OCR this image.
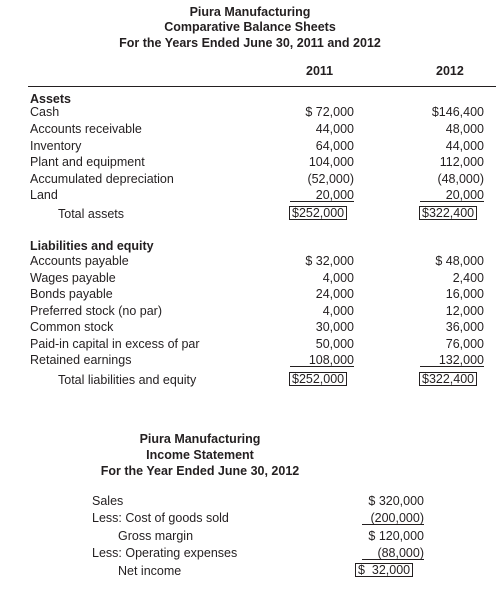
Piura Manufacturing
Comparative Balance Sheets
For the Years Ended June 30, 2011 and 2012
2011	2012
Assets
Cash	$ 72,000	$146,400
Accounts receivable	44,000	48,000
Inventory	64,000	44,000
Plant and equipment	104,000	112,000
Accumulated depreciation	(52,000)	(48,000)
Land	20,000	20,000
Total assets	$252,000	$322,400
Liabilities and equity
Accounts payable	$ 32,000	$ 48,000
Wages payable	4,000	2,400
Bonds payable	24,000	16,000
Preferred stock (no par)	4,000	12,000
Common stock	30,000	36,000
Paid-in capital in excess of par	50,000	76,000
Retained earnings	108,000	132,000
Total liabilities and equity	$252,000	$322,400
Piura Manufacturing
Income Statement
For the Year Ended June 30, 2012
Sales	$ 320,000
Less: Cost of goods sold	(200,000)
Gross margin	$ 120,000
Less: Operating expenses	(88,000)
Net income	$  32,000
